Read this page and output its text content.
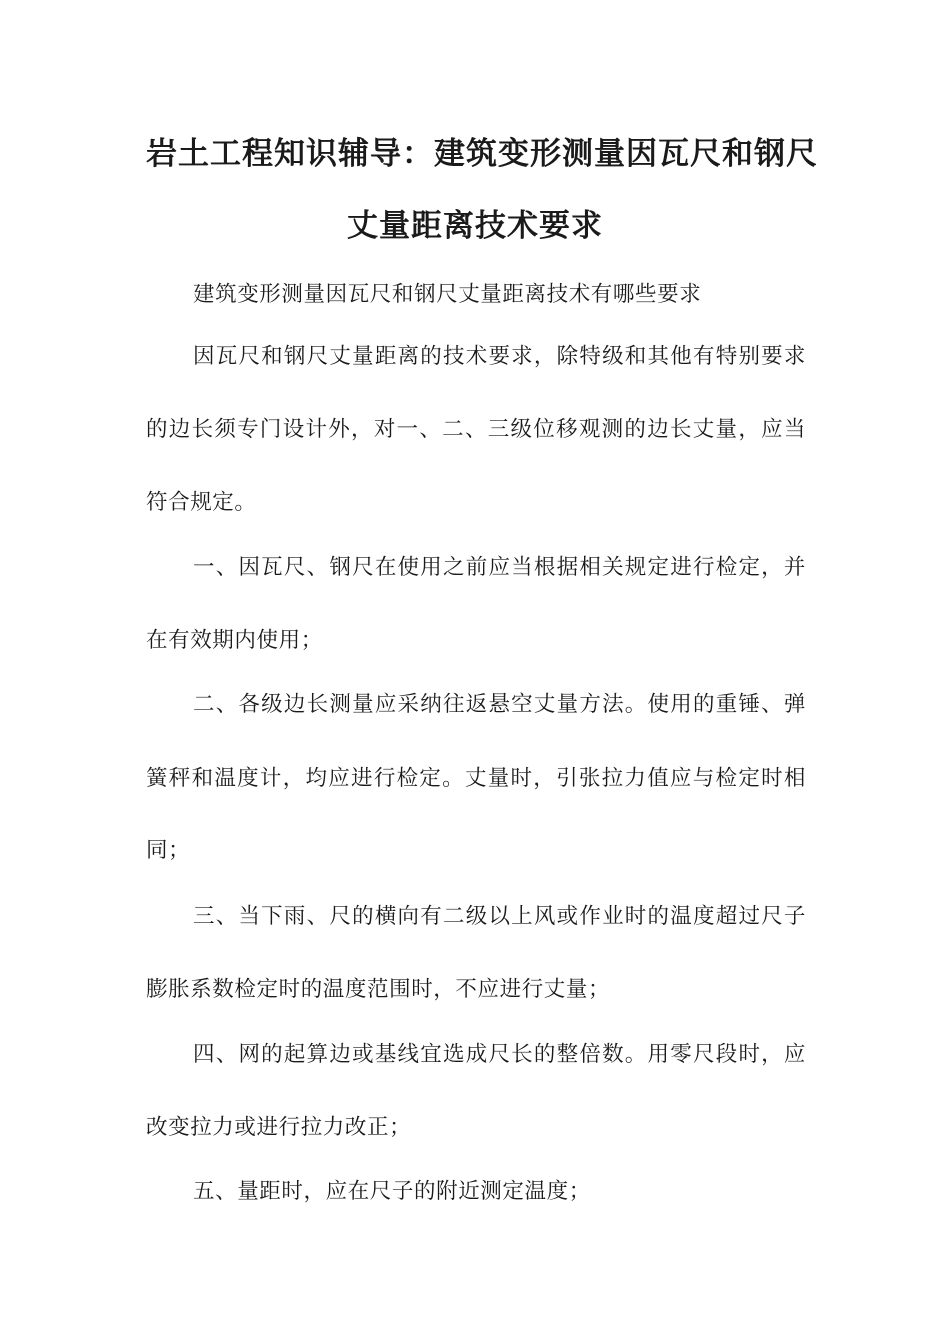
岩土工程知识辅导：建筑变形测量因瓦尺和钢尺
丈量距离技术要求
建筑变形测量因瓦尺和钢尺丈量距离技术有哪些要求
因瓦尺和钢尺丈量距离的技术要求，除特级和其他有特别要求
的边长须专门设计外，对一、二、三级位移观测的边长丈量，应当
符合规定。
一、因瓦尺、钢尺在使用之前应当根据相关规定进行检定，并
在有效期内使用；
二、各级边长测量应采纳往返悬空丈量方法。使用的重锤、弹
簧秤和温度计，均应进行检定。丈量时，引张拉力值应与检定时相
同；
三、当下雨、尺的横向有二级以上风或作业时的温度超过尺子
膨胀系数检定时的温度范围时，不应进行丈量；
四、网的起算边或基线宜选成尺长的整倍数。用零尺段时，应
改变拉力或进行拉力改正；
五、量距时，应在尺子的附近测定温度；
